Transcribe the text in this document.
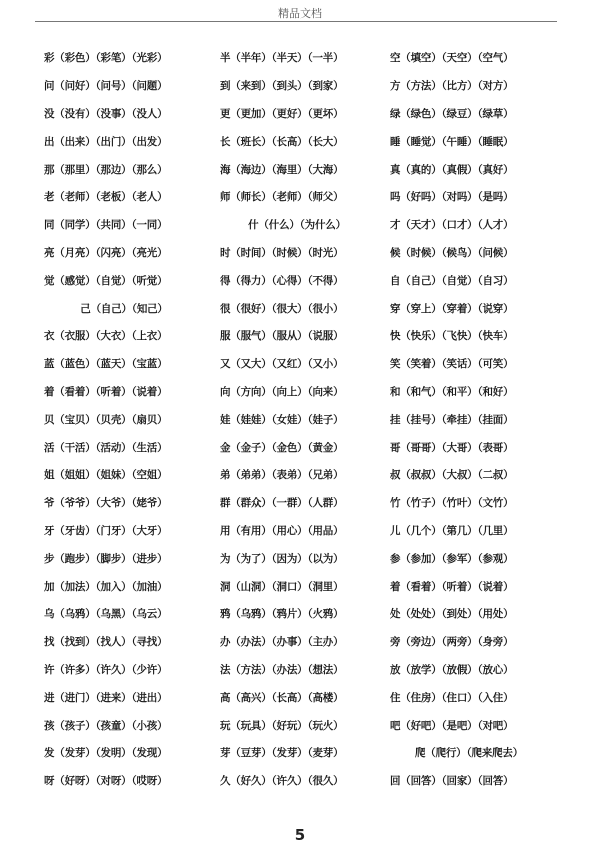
精品文档
彩（彩色）（彩笔）（光彩）	半（半年）（半天）（一半）	空（填空）（天空）（空气）
问（问好）（问号）（问题）	到（来到）（到头）（到家）	方（方法）（比方）（对方）
没（没有）（没事）（没人）	更（更加）（更好）（更坏）	绿（绿色）（绿豆）（绿草）
出（出来）（出门）（出发）	长（班长）（长高）（长大）	睡（睡觉）（午睡）（睡眠）
那（那里）（那边）（那么）	海（海边）（海里）（大海）	真（真的）（真假）（真好）
老（老师）（老板）（老人）	师（师长）（老师）（师父）	吗（好吗）（对吗）（是吗）
同（同学）（共同）（一同）	什（什么）（为什么）	才（天才）（口才）（人才）
亮（月亮）（闪亮）（亮光）	时（时间）（时候）（时光）	候（时候）（候鸟）（问候）
觉（感觉）（自觉）（听觉）	得（得力）（心得）（不得）	自（自己）（自觉）（自习）
己（自己）（知己）	很（很好）（很大）（很小）	穿（穿上）（穿着）（说穿）
衣（衣服）（大衣）（上衣）	服（服气）（服从）（说服）	快（快乐）（飞快）（快车）
蓝（蓝色）（蓝天）（宝蓝）	又（又大）（又红）（又小）	笑（笑着）（笑话）（可笑）
着（看着）（听着）（说着）	向（方向）（向上）（向来）	和（和气）（和平）（和好）
贝（宝贝）（贝壳）（扇贝）	娃（娃娃）（女娃）（娃子）	挂（挂号）（牵挂）（挂面）
活（干活）（活动）（生活）	金（金子）（金色）（黄金）	哥（哥哥）（大哥）（表哥）
姐（姐姐）（姐妹）（空姐）	弟（弟弟）（表弟）（兄弟）	叔（叔叔）（大叔）（二叔）
爷（爷爷）（大爷）（姥爷）	群（群众）（一群）（人群）	竹（竹子）（竹叶）（文竹）
牙（牙齿）（门牙）（大牙）	用（有用）（用心）（用品）	儿（几个）（第几）（几里）
步（跑步）（脚步）（进步）	为（为了）（因为）（以为）	参（参加）（参军）（参观）
加（加法）（加入）（加油）	洞（山洞）（洞口）（洞里）	着（看着）（听着）（说着）
乌（乌鸦）（乌黑）（乌云）	鸦（乌鸦）（鸦片）（火鸦）	处（处处）（到处）（用处）
找（找到）（找人）（寻找）	办（办法）（办事）（主办）	旁（旁边）（两旁）（身旁）
许（许多）（许久）（少许）	法（方法）（办法）（想法）	放（放学）（放假）（放心）
进（进门）（进来）（进出）	高（高兴）（长高）（高楼）	住（住房）（住口）（入住）
孩（孩子）（孩童）（小孩）	玩（玩具）（好玩）（玩火）	吧（好吧）（是吧）（对吧）
发（发芽）（发明）（发现）	芽（豆芽）（发芽）（麦芽）	爬（爬行）（爬来爬去）
呀（好呀）（对呀）（哎呀）	久（好久）（许久）（很久）	回（回答）（回家）（回答）
5
